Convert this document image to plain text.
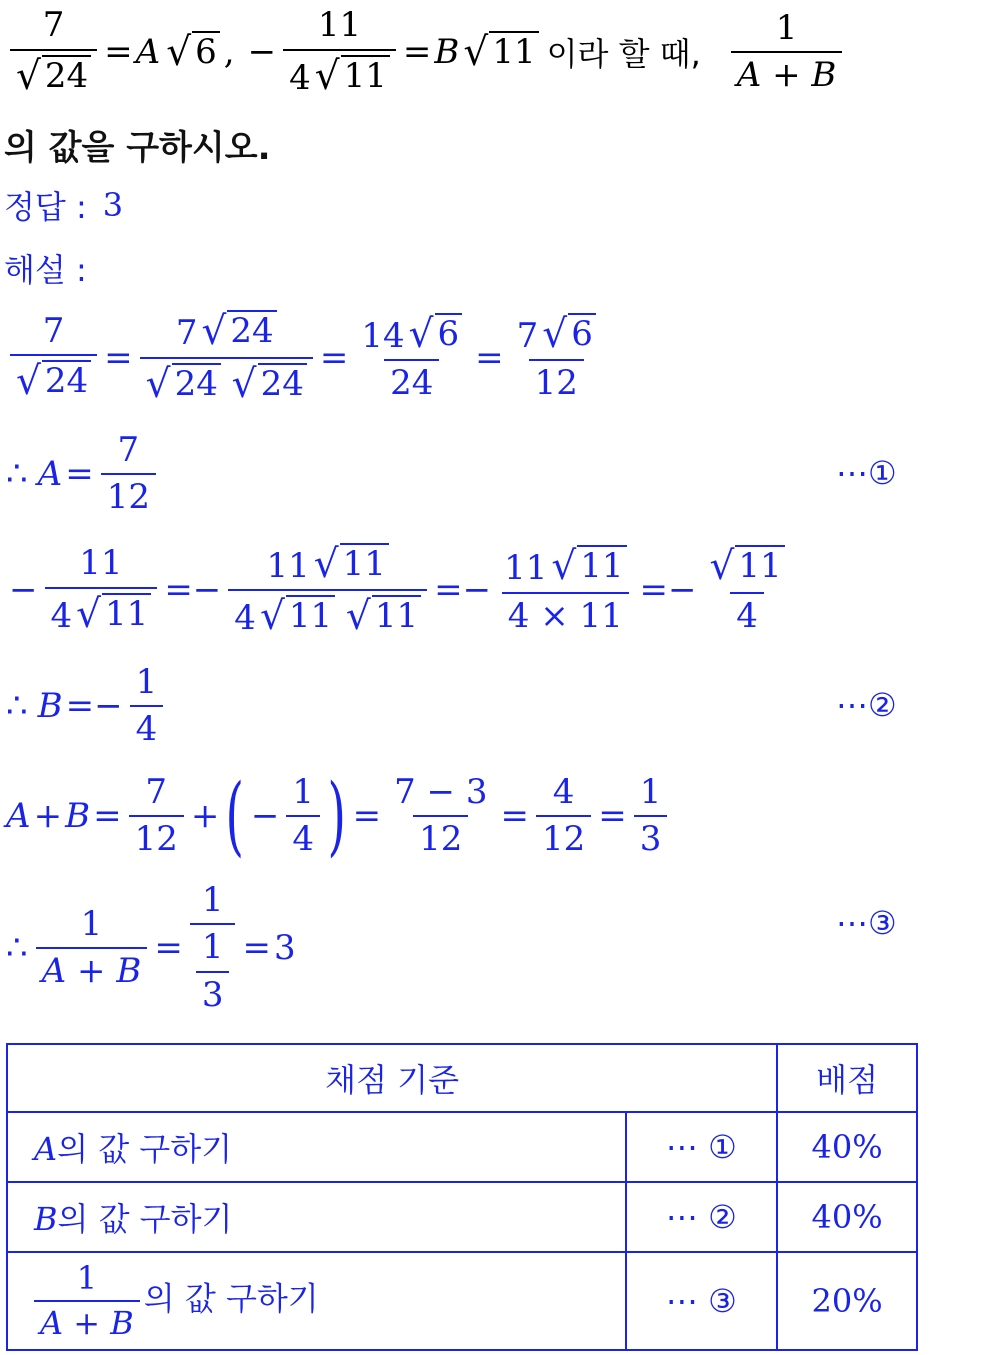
$\frac{7}{√ 24} = A$ √ 6 , − $\frac{11}{4 √ 11} = B$ √ 11 이라 할 때, $\frac{1}{A + B}$
의 값을 구하시오.
정답 : 3
해설 :
$\frac{7}{√ 24} = 7$ √ 24
√ 24
√ $24 = \frac{14 √ 6}{24} = \frac{7 √ 6}{12}$
∴ $A = \frac{7}{12}$	⋯①
− $\frac{11}{4 √ 11} =- 11$ √ 11
4 √ 11
√ $11 =- \frac{11 √ 11}{4 \times 11} =- \frac{√ 11}{4}$
∴ $B =- \frac{1}{4}$	⋯②
$A + B = \frac{7}{12}$ + ( − $\frac{1}{4}$ ) = $\frac{7 - 3}{12} = \frac{4}{12} = \frac{1}{3}$
∴ $\frac{1}{A + B} = \frac{1}{\frac{1}{3}} = 3$
⋯③
채점 기준		배점
A의 값 구하기	⋯ ①	40%
B의 값 구하기	⋯ ②	40%

$\frac{1}{A + B}$ 의 값 구하기	⋯ ③	20%
